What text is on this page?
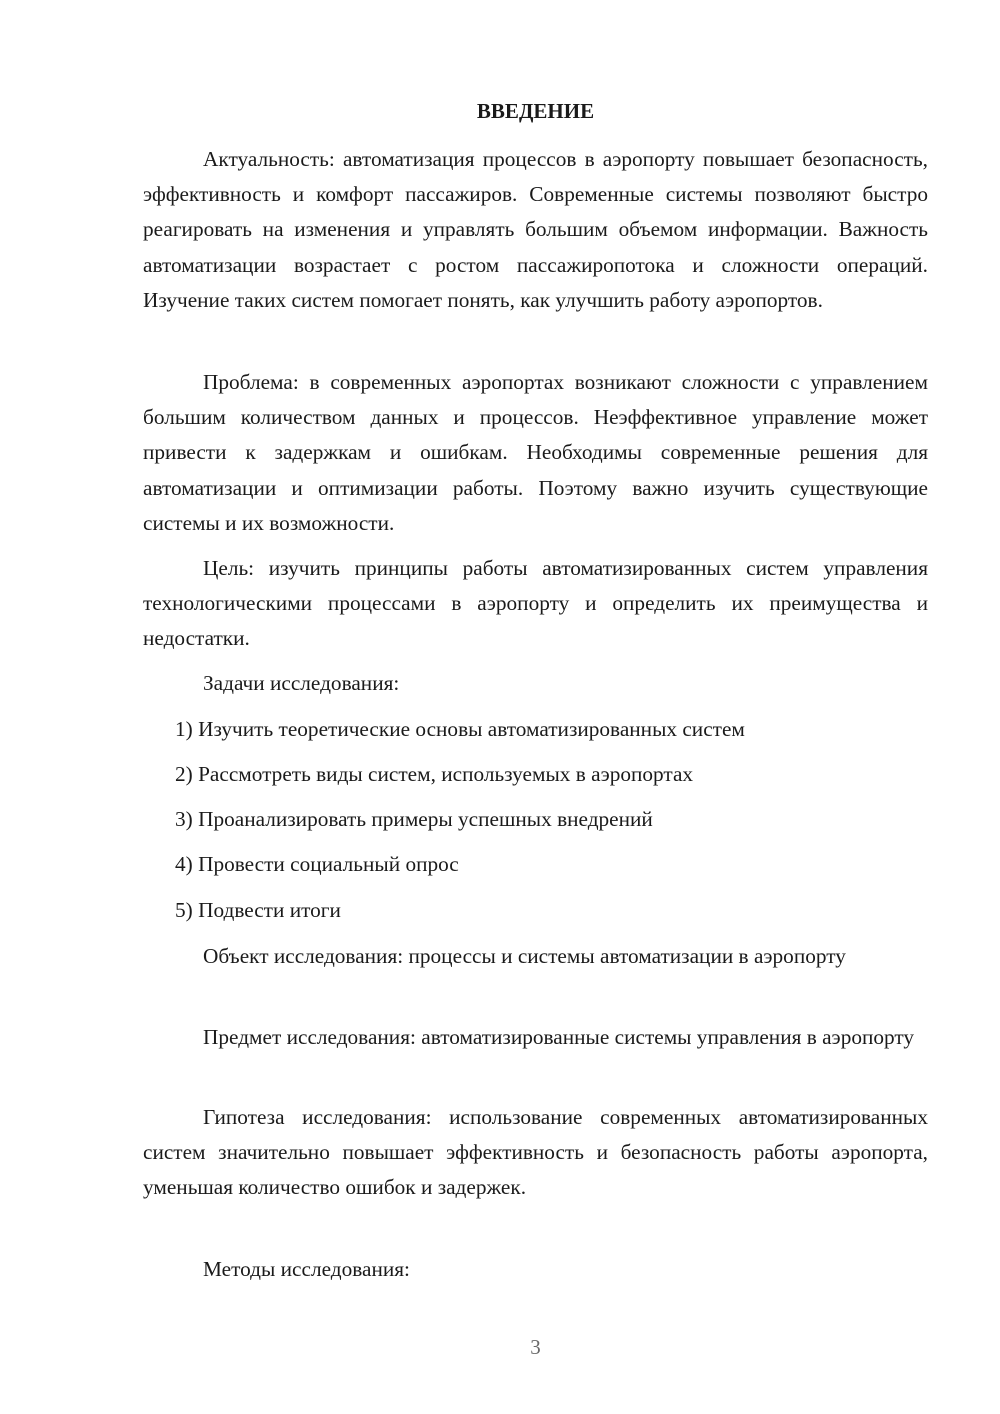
ВВЕДЕНИЕ

Актуальность: автоматизация процессов в аэропорту повышает безопасность, эффективность и комфорт пассажиров. Современные системы позволяют быстро реагировать на изменения и управлять большим объемом информации. Важность автоматизации возрастает с ростом пассажиропотока и сложности операций. Изучение таких систем помогает понять, как улучшить работу аэропортов.

Проблема: в современных аэропортах возникают сложности с управлением большим количеством данных и процессов. Неэффективное управление может привести к задержкам и ошибкам. Необходимы современные решения для автоматизации и оптимизации работы. Поэтому важно изучить существующие системы и их возможности.

Цель: изучить принципы работы автоматизированных систем управления технологическими процессами в аэропорту и определить их преимущества и недостатки.

Задачи исследования:

1) Изучить теоретические основы автоматизированных систем

2) Рассмотреть виды систем, используемых в аэропортах

3) Проанализировать примеры успешных внедрений

4) Провести социальный опрос

5) Подвести итоги

Объект исследования: процессы и системы автоматизации в аэропорту

Предмет исследования: автоматизированные системы управления в аэропорту

Гипотеза исследования: использование современных автоматизированных систем значительно повышает эффективность и безопасность работы аэропорта, уменьшая количество ошибок и задержек.

Методы исследования:

3
